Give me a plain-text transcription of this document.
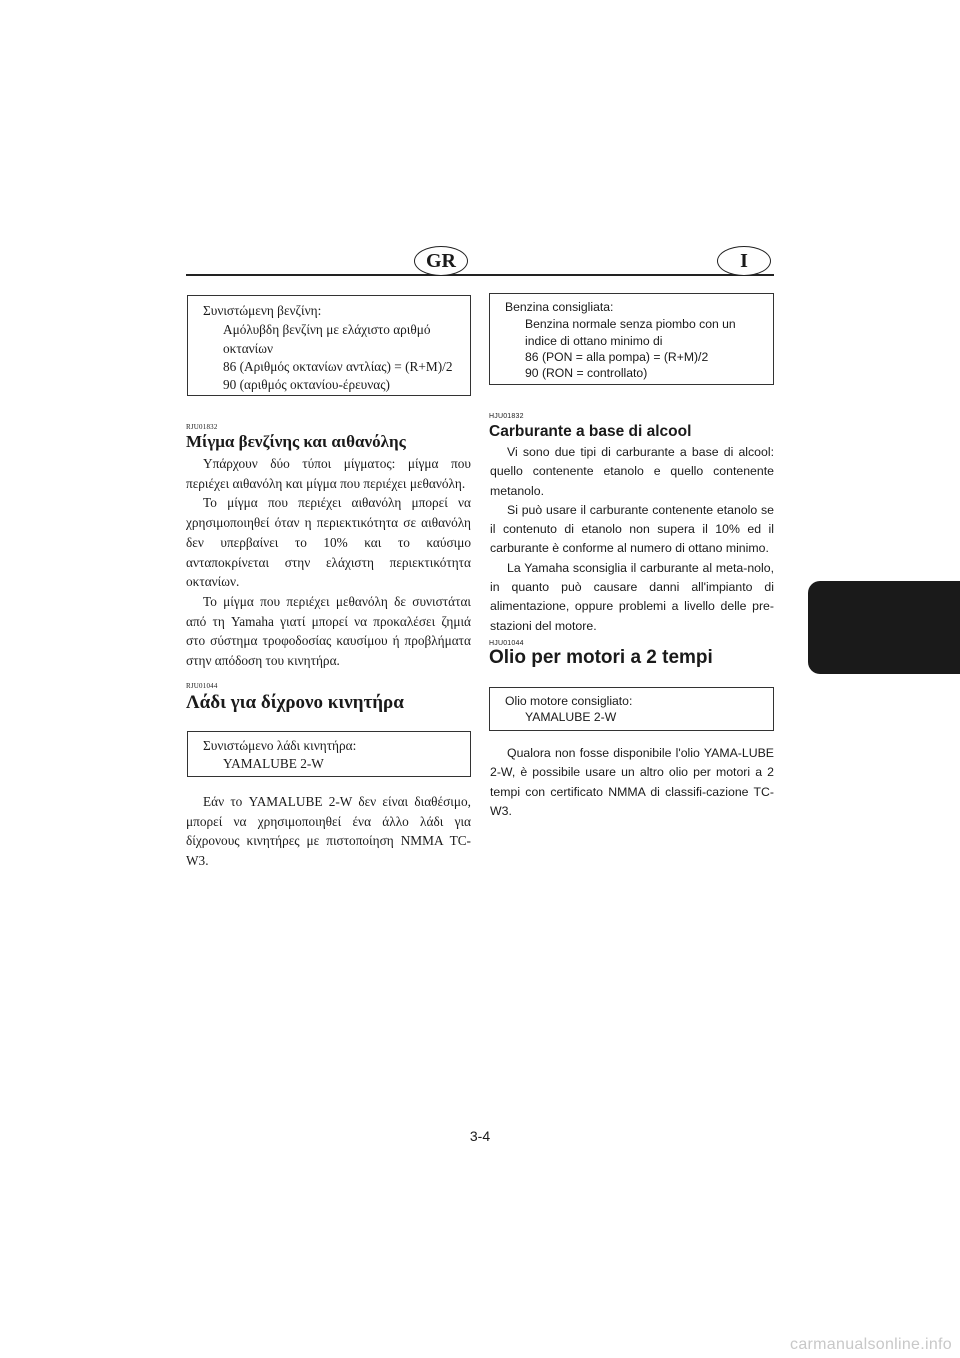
GR	I
Συνιστώμενη βενζίνη:
Αμόλυβδη βενζίνη με ελάχιστο αριθμό
οκτανίων
86 (Αριθμός οκτανίων αντλίας) = (R+M)/2
90 (αριθμός οκτανίου-έρευνας)
RJU01832
Μίγμα βενζίνης και αιθανόλης

Υπάρχουν δύο τύποι μίγματος: μίγμα που περιέχει αιθανόλη και μίγμα που περιέχει μεθανόλη.

Το μίγμα που περιέχει αιθανόλη μπορεί να χρησιμοποιηθεί όταν η περιεκτικότητα σε αιθανόλη δεν υπερβαίνει το 10% και το καύσιμο ανταποκρίνεται στην ελάχιστη περιεκτικότητα οκτανίων.

Το μίγμα που περιέχει μεθανόλη δε συνιστάται από τη Yamaha γιατί μπορεί να προκαλέσει ζημιά στο σύστημα τροφοδοσίας καυσίμου ή προβλήματα στην απόδοση του κινητήρα.

RJU01044
Λάδι για δίχρονο κινητήρα
Συνιστώμενο λάδι κινητήρα:
YAMALUBE 2-W

Εάν το YAMALUBE 2-W δεν είναι διαθέσιμο, μπορεί να χρησιμοποιηθεί ένα άλλο λάδι για δίχρονους κινητήρες με πιστοποίηση NMMA TC-W3.

Benzina consigliata:
Benzina normale senza piombo con un
indice di ottano minimo di
86 (PON = alla pompa) = (R+M)/2
90 (RON = controllato)
HJU01832
Carburante a base di alcool

Vi sono due tipi di carburante a base di alcool: quello contenente etanolo e quello contenente metanolo.

Si può usare il carburante contenente etanolo se il contenuto di etanolo non supera il 10% ed il carburante è conforme al numero di ottano minimo.

La Yamaha sconsiglia il carburante al meta-nolo, in quanto può causare danni all'impianto di alimentazione, oppure problemi a livello delle pre-stazioni del motore.

HJU01044
Olio per motori a 2 tempi
Olio motore consigliato:
YAMALUBE 2-W

Qualora non fosse disponibile l'olio YAMA-LUBE 2-W, è possibile usare un altro olio per motori a 2 tempi con certificato NMMA di classifi-cazione TC-W3.

3-4
carmanualsonline.info
